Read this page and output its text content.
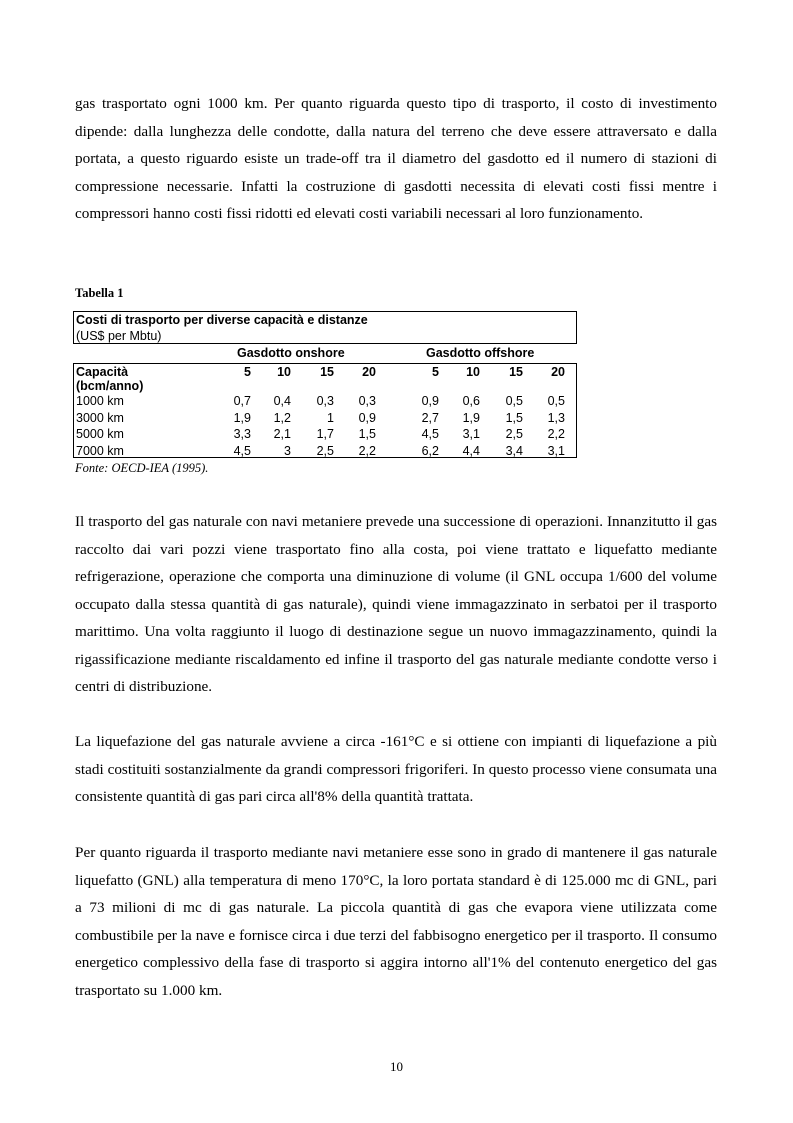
gas trasportato ogni 1000 km. Per quanto riguarda questo tipo di trasporto, il costo di investimento dipende: dalla lunghezza delle condotte, dalla natura del terreno che deve essere attraversato e dalla portata, a questo riguardo esiste un trade-off tra il diametro del gasdotto ed il numero di stazioni di compressione necessarie. Infatti la costruzione di gasdotti necessita di elevati costi fissi mentre i compressori hanno costi fissi ridotti ed elevati costi variabili necessari al loro funzionamento.

Tabella 1
Costi di trasporto per diverse capacità e distanze
(US$ per Mbtu)
Gasdotto onshore	Gasdotto offshore
Capacità
(bcm/anno)
5	10	15	20	5	10	15	20
1000 km	0,7	0,4	0,3	0,3	0,9	0,6	0,5	0,5
3000 km	1,9	1,2	1	0,9	2,7	1,9	1,5	1,3
5000 km	3,3	2,1	1,7	1,5	4,5	3,1	2,5	2,2
7000 km	4,5	3	2,5	2,2	6,2	4,4	3,4	3,1
Fonte: OECD-IEA (1995).

Il trasporto del gas naturale con navi metaniere prevede una successione di operazioni. Innanzitutto il gas raccolto dai vari pozzi viene trasportato fino alla costa, poi viene trattato e liquefatto mediante refrigerazione, operazione che comporta una diminuzione di volume (il GNL occupa 1/600 del volume occupato dalla stessa quantità di gas naturale), quindi viene immagazzinato in serbatoi per il trasporto marittimo. Una volta raggiunto il luogo di destinazione segue un nuovo immagazzinamento, quindi la rigassificazione mediante riscaldamento ed infine il trasporto del gas naturale mediante condotte verso i centri di distribuzione.

La liquefazione del gas naturale avviene a circa -161°C e si ottiene con impianti di liquefazione a più stadi costituiti sostanzialmente da grandi compressori frigoriferi. In questo processo viene consumata una consistente quantità di gas pari circa all'8% della quantità trattata.

Per quanto riguarda il trasporto mediante navi metaniere esse sono in grado di mantenere il gas naturale liquefatto (GNL) alla temperatura di meno 170°C, la loro portata standard è di 125.000 mc di GNL, pari a 73 milioni di mc di gas naturale. La piccola quantità di gas che evapora viene utilizzata come combustibile per la nave e fornisce circa i due terzi del fabbisogno energetico per il trasporto. Il consumo energetico complessivo della fase di trasporto si aggira intorno all'1% del contenuto energetico del gas trasportato su 1.000 km.

10
